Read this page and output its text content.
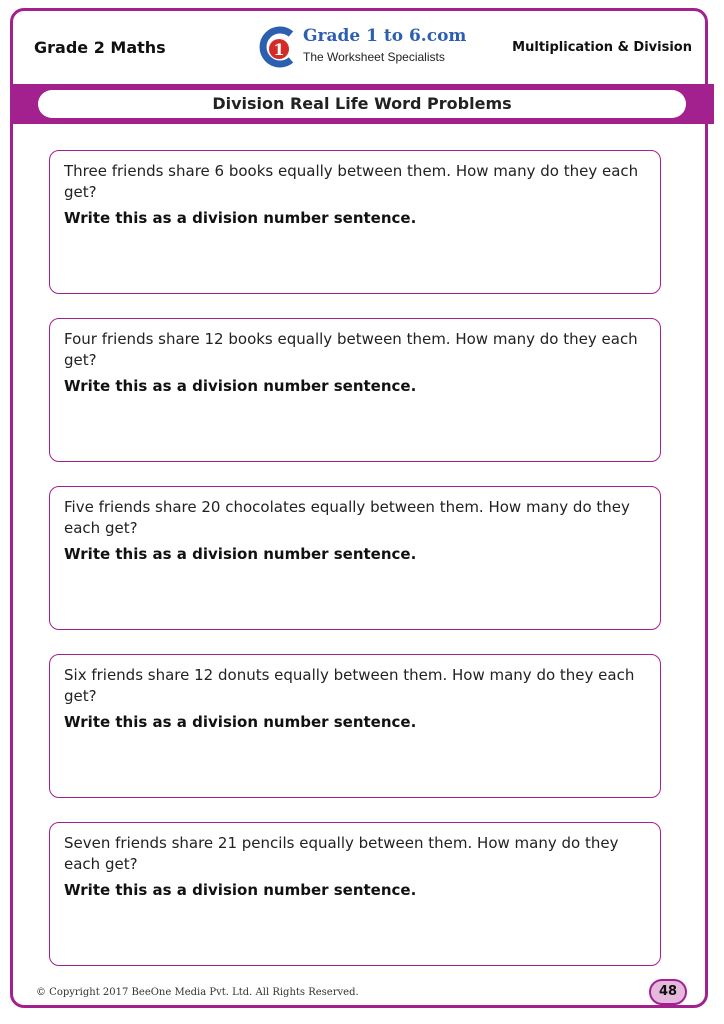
Grade 2 Maths	1
Grade 1 to 6.com
The Worksheet Specialists
Multiplication & Division
Division Real Life Word Problems
Three friends share 6 books equally between them. How many do they each get?
Write this as a division number sentence.
Four friends share 12 books equally between them. How many do they each get?
Write this as a division number sentence.
Five friends share 20 chocolates equally between them. How many do they each get?
Write this as a division number sentence.
Six friends share 12 donuts equally between them. How many do they each get?
Write this as a division number sentence.
Seven friends share 21 pencils equally between them. How many do they each get?
Write this as a division number sentence.
© Copyright 2017 BeeOne Media Pvt. Ltd. All Rights Reserved.	48
